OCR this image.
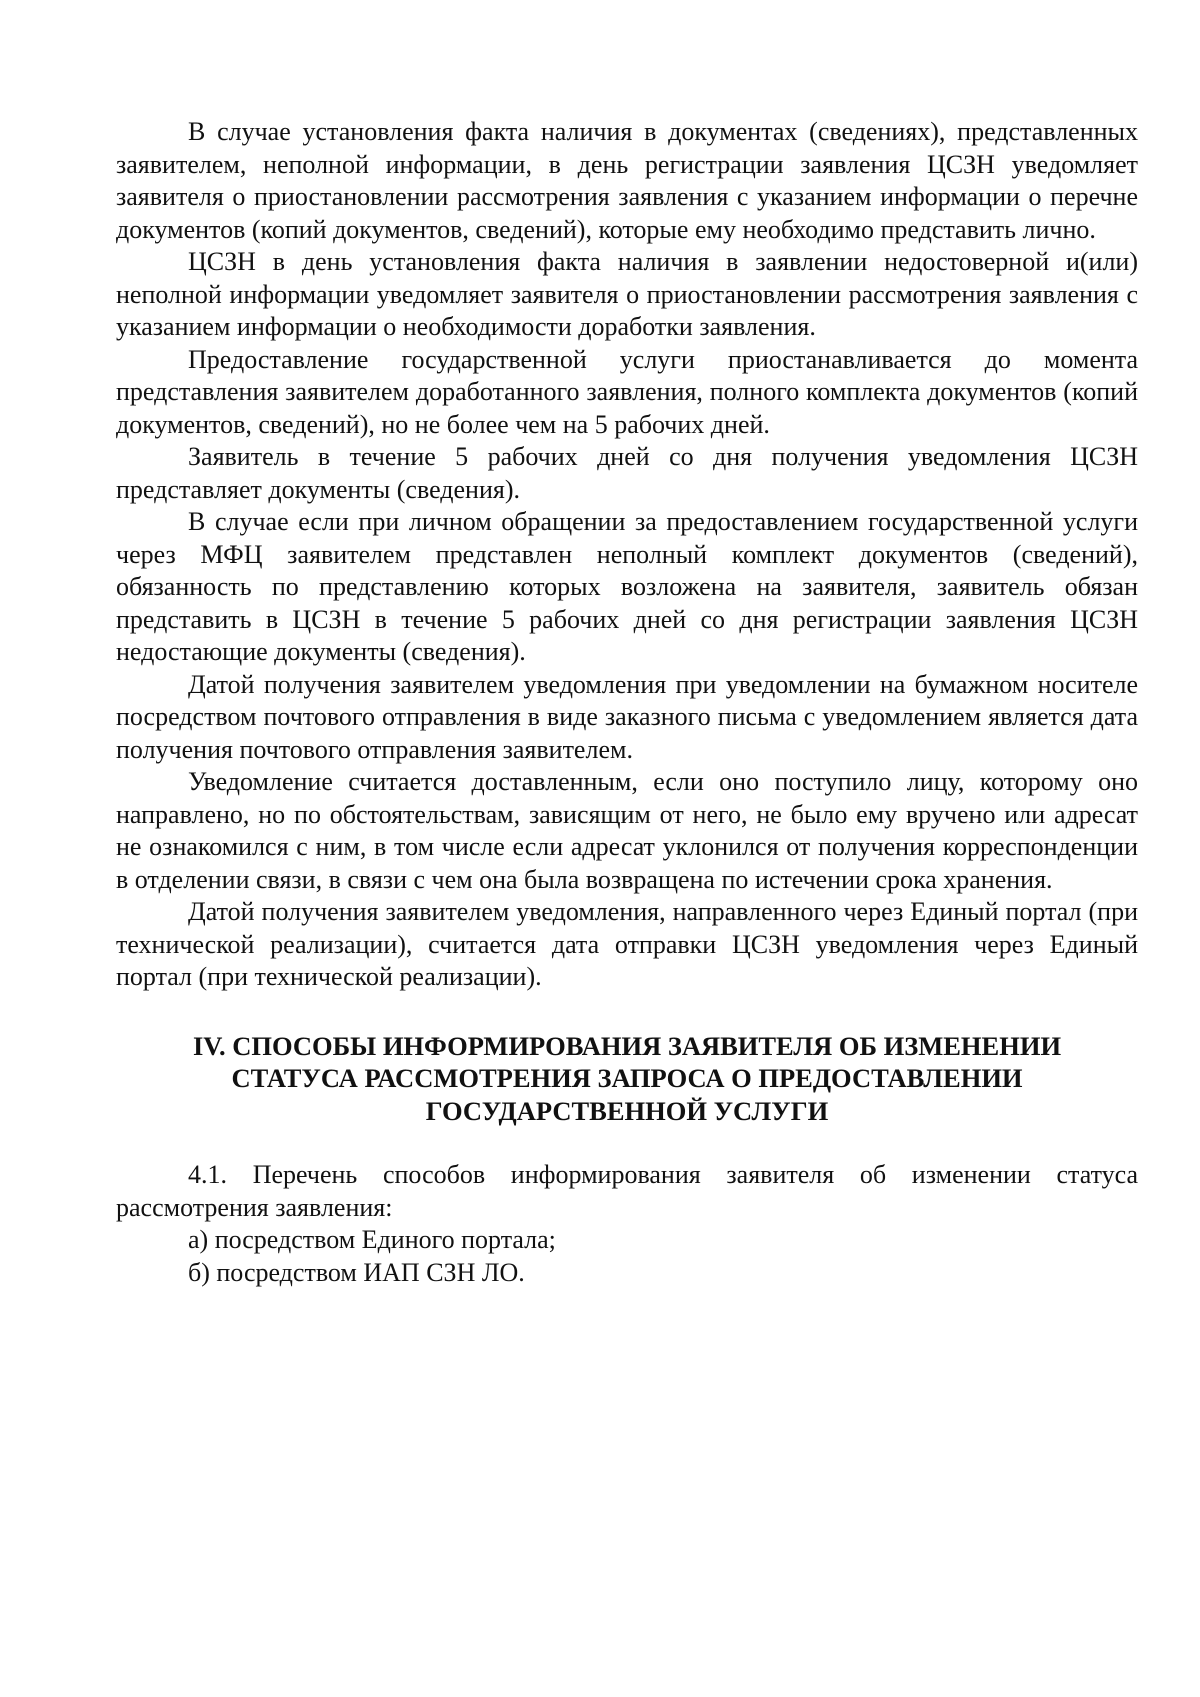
В случае установления факта наличия в документах (сведениях), представленных заявителем, неполной информации, в день регистрации заявления ЦСЗН уведомляет заявителя о приостановлении рассмотрения заявления с указанием информации о перечне документов (копий документов, сведений), которые ему необходимо представить лично.

ЦСЗН в день установления факта наличия в заявлении недостоверной и(или) неполной информации уведомляет заявителя о приостановлении рассмотрения заявления с указанием информации о необходимости доработки заявления.

Предоставление государственной услуги приостанавливается до момента представления заявителем доработанного заявления, полного комплекта документов (копий документов, сведений), но не более чем на 5 рабочих дней.

Заявитель в течение 5 рабочих дней со дня получения уведомления ЦСЗН представляет документы (сведения).

В случае если при личном обращении за предоставлением государственной услуги через МФЦ заявителем представлен неполный комплект документов (сведений), обязанность по представлению которых возложена на заявителя, заявитель обязан представить в ЦСЗН в течение 5 рабочих дней со дня регистрации заявления ЦСЗН недостающие документы (сведения).

Датой получения заявителем уведомления при уведомлении на бумажном носителе посредством почтового отправления в виде заказного письма с уведомлением является дата получения почтового отправления заявителем.

Уведомление считается доставленным, если оно поступило лицу, которому оно направлено, но по обстоятельствам, зависящим от него, не было ему вручено или адресат не ознакомился с ним, в том числе если адресат уклонился от получения корреспонденции в отделении связи, в связи с чем она была возвращена по истечении срока хранения.

Датой получения заявителем уведомления, направленного через Единый портал (при технической реализации), считается дата отправки ЦСЗН уведомления через Единый портал (при технической реализации).

IV. СПОСОБЫ ИНФОРМИРОВАНИЯ ЗАЯВИТЕЛЯ ОБ ИЗМЕНЕНИИ
СТАТУСА РАССМОТРЕНИЯ ЗАПРОСА О ПРЕДОСТАВЛЕНИИ
ГОСУДАРСТВЕННОЙ УСЛУГИ

4.1. Перечень способов информирования заявителя об изменении статуса рассмотрения заявления:

а) посредством Единого портала;

б) посредством ИАП СЗН ЛО.
